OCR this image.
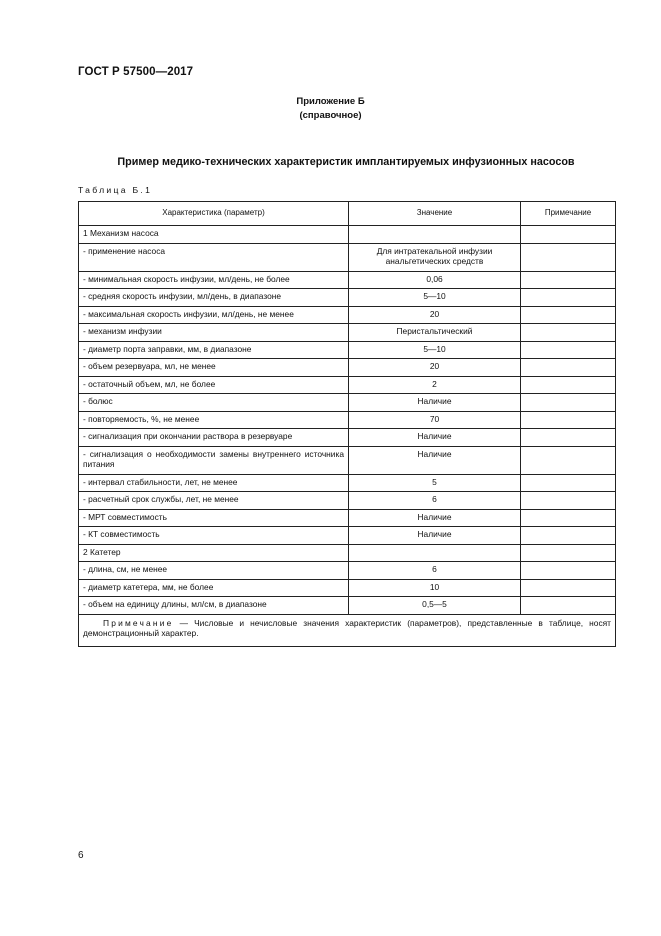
ГОСТ Р 57500—2017
Приложение Б
(справочное)
Пример медико-технических характеристик имплантируемых инфузионных насосов
Таблица Б.1
Характеристика (параметр)	Значение	Примечание
1 Механизм насоса		
- применение насоса	Для интратекальной инфузии анальгетических средств	
- минимальная скорость инфузии, мл/день, не более	0,06	
- средняя скорость инфузии, мл/день, в диапазоне	5—10	
- максимальная скорость инфузии, мл/день, не менее	20	
- механизм инфузии	Перистальтический	
- диаметр порта заправки, мм, в диапазоне	5—10	
- объем резервуара, мл, не менее	20	
- остаточный объем, мл, не более	2	
- болюс	Наличие	
- повторяемость, %, не менее	70	
- сигнализация при окончании раствора в резервуаре	Наличие	
- сигнализация о необходимости замены внутреннего источника питания	Наличие	
- интервал стабильности, лет, не менее	5	
- расчетный срок службы, лет, не менее	6	
- МРТ совместимость	Наличие	
- КТ совместимость	Наличие	
2 Катетер		
- длина, см, не менее	6	
- диаметр катетера, мм, не более	10	
- объем на единицу длины, мл/см, в диапазоне	0,5—5	
Примечание — Числовые и нечисловые значения характеристик (параметров), представленные в таблице, носят демонстрационный характер.		
6
